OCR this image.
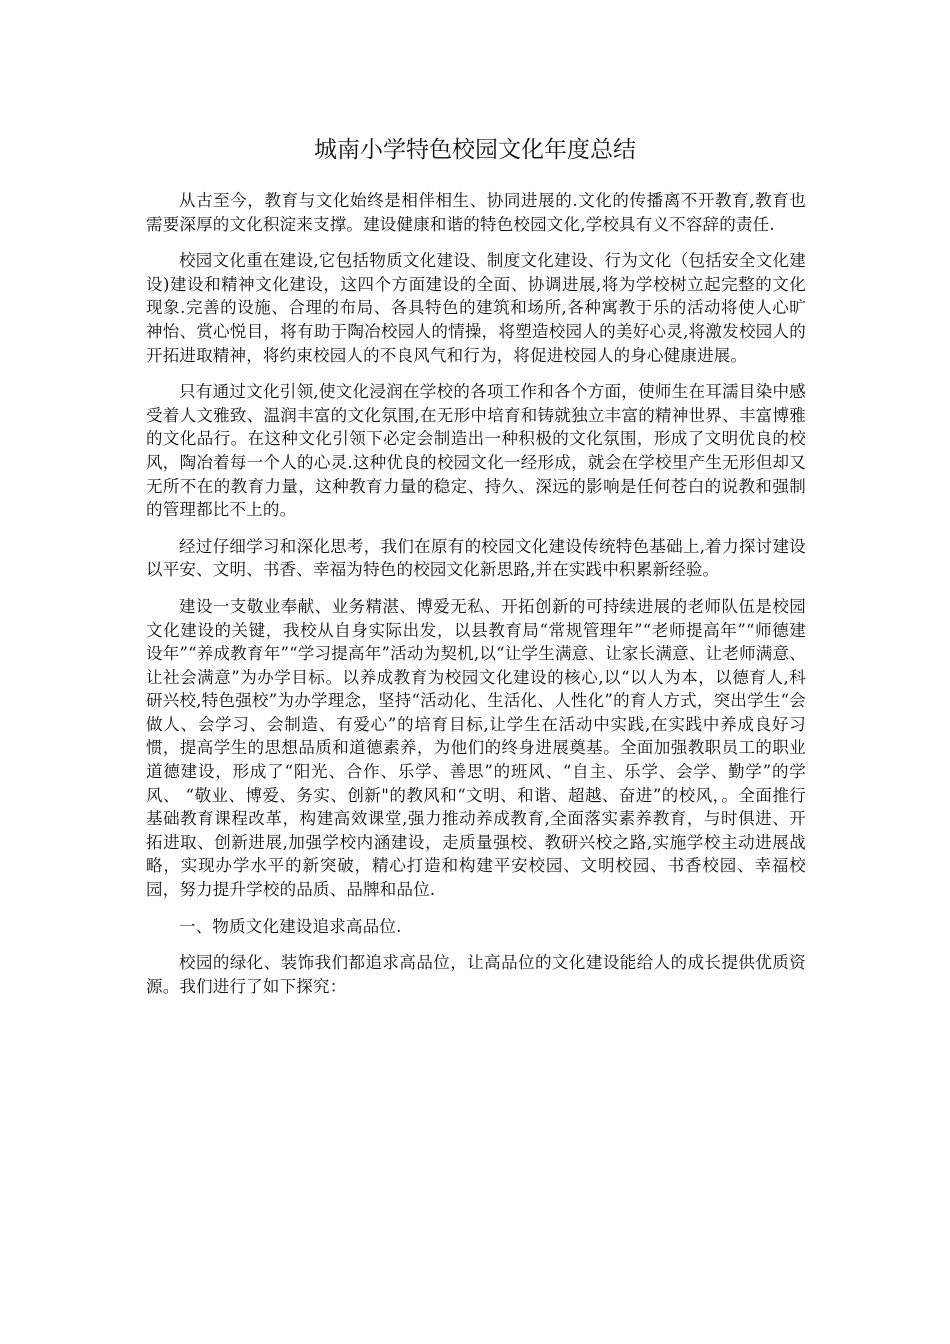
城南小学特色校园文化年度总结

从古至今，教育与文化始终是相伴相生、协同进展的.文化的传播离不开教育,教育也需要深厚的文化积淀来支撑。建设健康和谐的特色校园文化,学校具有义不容辞的责任.

校园文化重在建设,它包括物质文化建设、制度文化建设、行为文化（包括安全文化建设)建设和精神文化建设，这四个方面建设的全面、协调进展,将为学校树立起完整的文化现象.完善的设施、合理的布局、各具特色的建筑和场所,各种寓教于乐的活动将使人心旷神怡、赏心悦目，将有助于陶冶校园人的情操，将塑造校园人的美好心灵,将激发校园人的开拓进取精神，将约束校园人的不良风气和行为，将促进校园人的身心健康进展。

只有通过文化引领,使文化浸润在学校的各项工作和各个方面，使师生在耳濡目染中感受着人文雅致、温润丰富的文化氛围,在无形中培育和铸就独立丰富的精神世界、丰富博雅的文化品行。在这种文化引领下必定会制造出一种积极的文化氛围，形成了文明优良的校风，陶冶着每一个人的心灵.这种优良的校园文化一经形成，就会在学校里产生无形但却又无所不在的教育力量，这种教育力量的稳定、持久、深远的影响是任何苍白的说教和强制的管理都比不上的。

经过仔细学习和深化思考，我们在原有的校园文化建设传统特色基础上,着力探讨建设以平安、文明、书香、幸福为特色的校园文化新思路,并在实践中积累新经验。

建设一支敬业奉献、业务精湛、博爱无私、开拓创新的可持续进展的老师队伍是校园文化建设的关键，我校从自身实际出发，以县教育局“常规管理年”“老师提高年”“师德建设年”“养成教育年”“学习提高年”活动为契机,以“让学生满意、让家长满意、让老师满意、让社会满意”为办学目标。以养成教育为校园文化建设的核心,以“以人为本，以德育人,科研兴校,特色强校”为办学理念，坚持“活动化、生活化、人性化”的育人方式，突出学生“会做人、会学习、会制造、有爱心”的培育目标,让学生在活动中实践,在实践中养成良好习惯，提高学生的思想品质和道德素养，为他们的终身进展奠基。全面加强教职员工的职业道德建设，形成了“阳光、合作、乐学、善思”的班风、“自主、乐学、会学、勤学”的学风、 “敬业、博爱、务实、创新"的教风和“文明、和谐、超越、奋进”的校风，。全面推行基础教育课程改革，构建高效课堂,强力推动养成教育,全面落实素养教育，与时俱进、开拓进取、创新进展,加强学校内涵建设，走质量强校、教研兴校之路,实施学校主动进展战略，实现办学水平的新突破，精心打造和构建平安校园、文明校园、书香校园、幸福校园，努力提升学校的品质、品牌和品位.

一、物质文化建设追求高品位.

校园的绿化、装饰我们都追求高品位，让高品位的文化建设能给人的成长提供优质资源。我们进行了如下探究：
